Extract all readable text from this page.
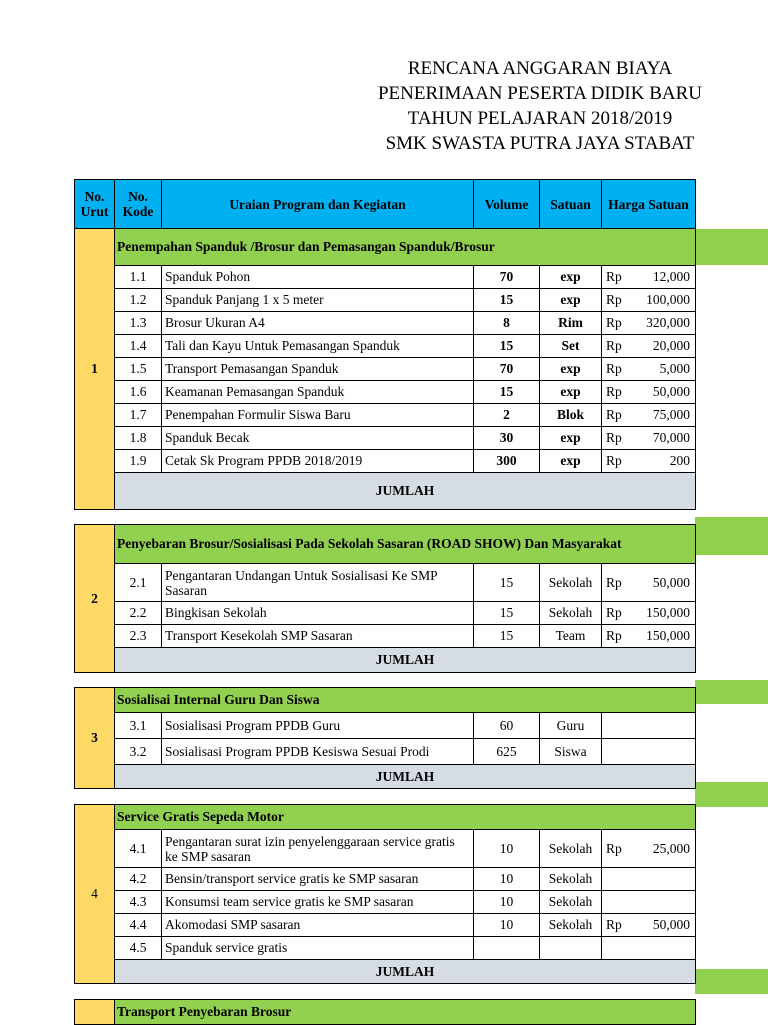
RENCANA ANGGARAN BIAYA
PENERIMAAN PESERTA DIDIK BARU
TAHUN PELAJARAN 2018/2019
SMK SWASTA PUTRA JAYA STABAT
No. Urut	No. Kode	Uraian Program dan Kegiatan	Volume	Satuan	Harga Satuan
1	Penempahan Spanduk /Brosur dan Pemasangan Spanduk/Brosur				
	1.1	Spanduk Pohon	70	exp	Rp 12,000

	1.2	Spanduk Panjang 1 x 5 meter	15	exp	Rp 100,000

	1.3	Brosur Ukuran A4	8	Rim	Rp 320,000

	1.4	Tali dan Kayu Untuk Pemasangan Spanduk	15	Set	Rp 20,000

	1.5	Transport Pemasangan Spanduk	70	exp	Rp 5,000

	1.6	Keamanan Pemasangan Spanduk	15	exp	Rp 50,000

	1.7	Penempahan Formulir Siswa Baru	2	Blok	Rp 75,000

	1.8	Spanduk Becak	30	exp	Rp 70,000

	1.9	Cetak Sk Program PPDB 2018/2019	300	exp	Rp 200

	JUMLAH				

2	Penyebaran Brosur/Sosialisasi Pada Sekolah Sasaran (ROAD SHOW) Dan Masyarakat				
	2.1	Pengantaran Undangan Untuk Sosialisasi Ke SMP Sasaran	15	Sekolah	Rp 50,000

	2.2	Bingkisan Sekolah	15	Sekolah	Rp 150,000

	2.3	Transport Kesekolah SMP Sasaran	15	Team	Rp 150,000

	JUMLAH				

3	Sosialisai Internal Guru Dan Siswa				
	3.1	Sosialisasi Program PPDB Guru	60	Guru	

	3.2	Sosialisasi Program PPDB Kesiswa Sesuai Prodi	625	Siswa	

	JUMLAH				

4	Service Gratis Sepeda Motor				
	4.1	Pengantaran surat izin penyelenggaraan service gratis ke SMP sasaran	10	Sekolah	Rp 25,000

	4.2	Bensin/transport service gratis ke SMP sasaran	10	Sekolah	

	4.3	Konsumsi team service gratis ke SMP sasaran	10	Sekolah	

	4.4	Akomodasi SMP sasaran	10	Sekolah	Rp 50,000

	4.5	Spanduk service gratis			

	JUMLAH				

	Transport Penyebaran Brosur				
